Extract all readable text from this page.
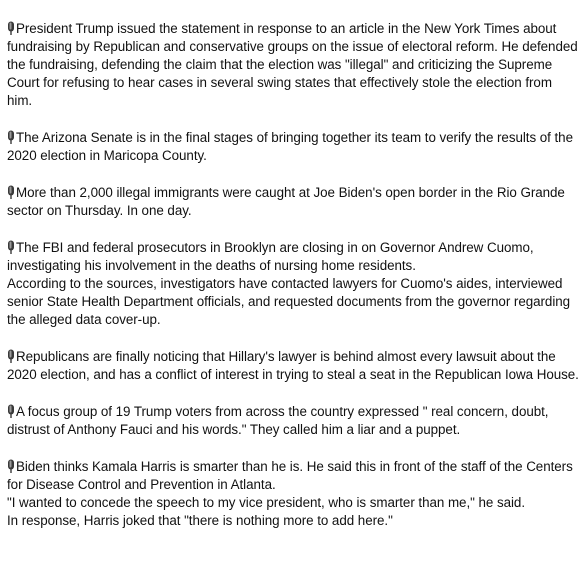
President Trump issued the statement in response to an article in the New York Times about fundraising by Republican and conservative groups on the issue of electoral reform. He defended the fundraising, defending the claim that the election was "illegal" and criticizing the Supreme Court for refusing to hear cases in several swing states that effectively stole the election from him.

The Arizona Senate is in the final stages of bringing together its team to verify the results of the 2020 election in Maricopa County.

More than 2,000 illegal immigrants were caught at Joe Biden's open border in the Rio Grande sector on Thursday. In one day.

The FBI and federal prosecutors in Brooklyn are closing in on Governor Andrew Cuomo, investigating his involvement in the deaths of nursing home residents.

According to the sources, investigators have contacted lawyers for Cuomo's aides, interviewed senior State Health Department officials, and requested documents from the governor regarding the alleged data cover-up.

Republicans are finally noticing that Hillary's lawyer is behind almost every lawsuit about the 2020 election, and has a conflict of interest in trying to steal a seat in the Republican Iowa House.

A focus group of 19 Trump voters from across the country expressed " real concern, doubt, distrust of Anthony Fauci and his words." They called him a liar and a puppet.

Biden thinks Kamala Harris is smarter than he is. He said this in front of the staff of the Centers for Disease Control and Prevention in Atlanta.

"I wanted to concede the speech to my vice president, who is smarter than me," he said.

In response, Harris joked that "there is nothing more to add here."
